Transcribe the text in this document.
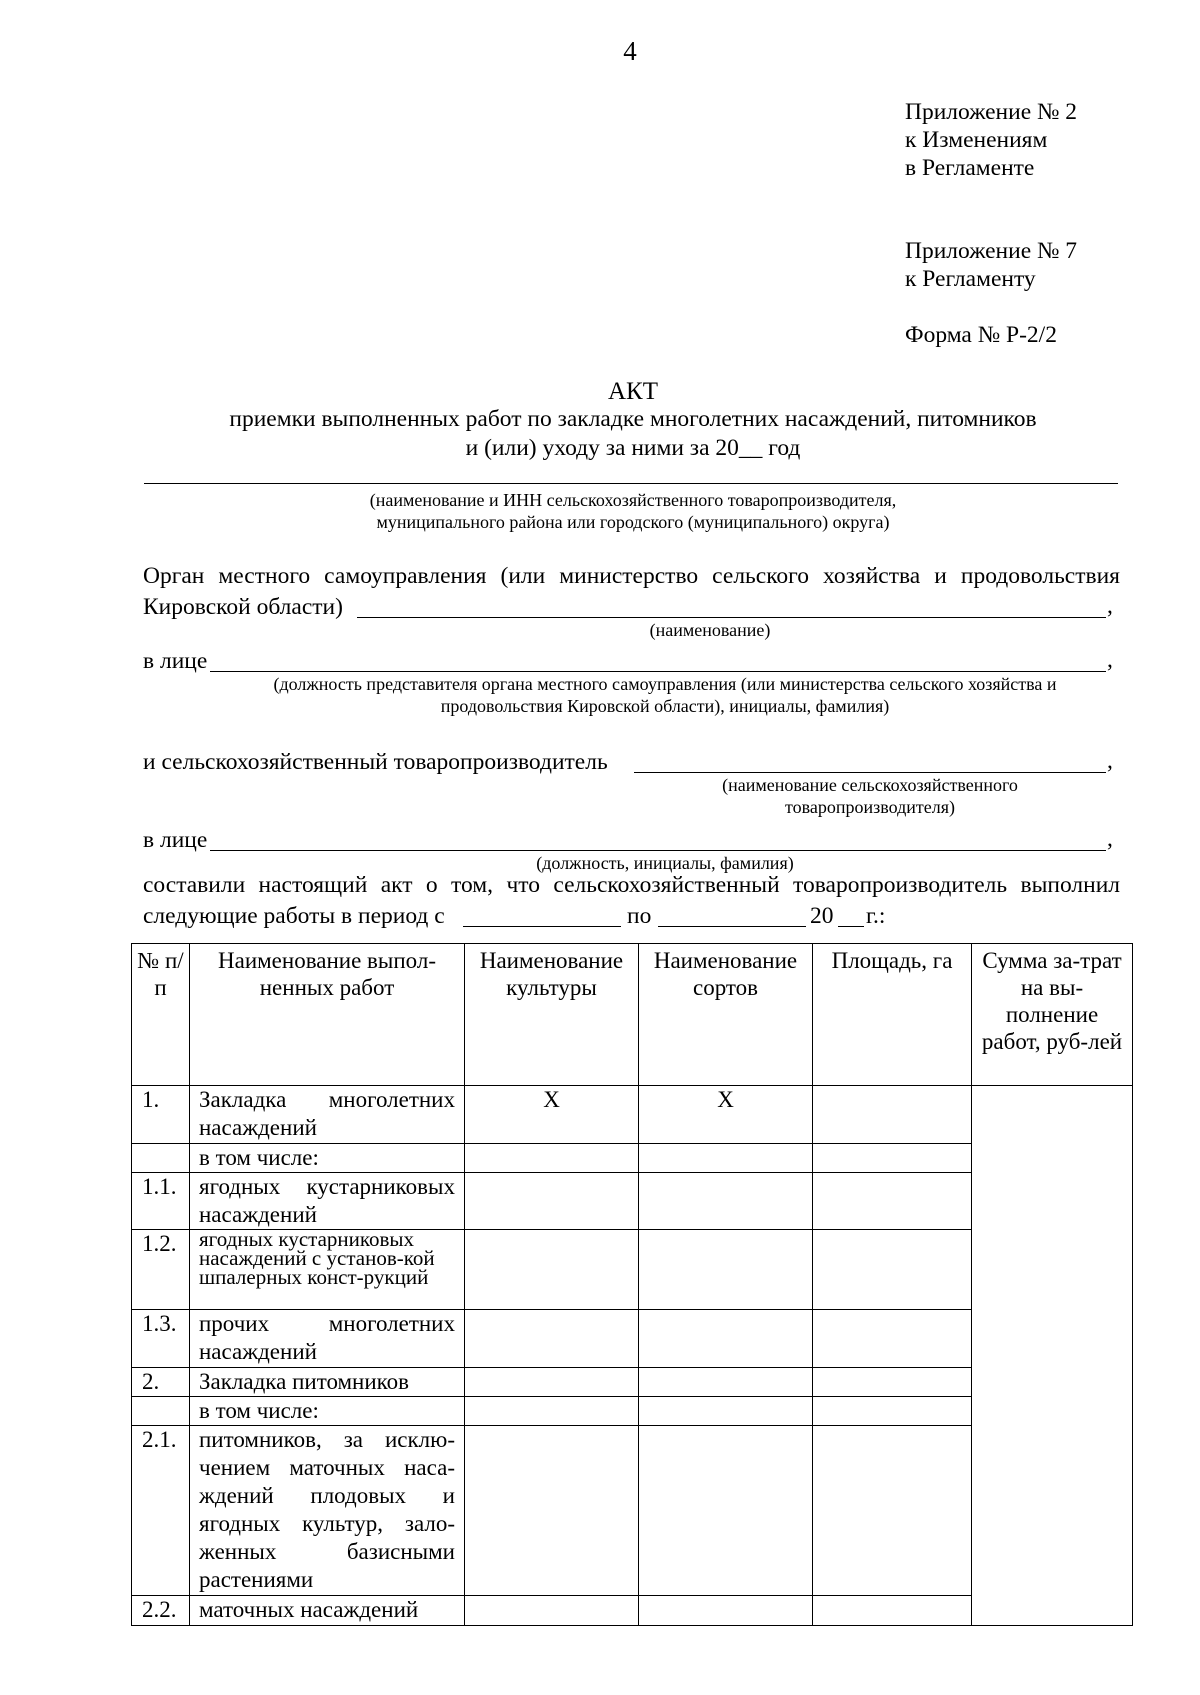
4
Приложение № 2
к Изменениям
в Регламенте
Приложение № 7
к Регламенту
Форма № Р-2/2
АКТ
приемки выполненных работ по закладке многолетних насаждений, питомников
и (или) уходу за ними за 20__ год
(наименование и ИНН сельскохозяйственного товаропроизводителя,
муниципального района или городского (муниципального) округа)
Орган местного самоуправления (или министерство сельского хозяйства и продовольствия
Кировской области)	,
(наименование)
в лице	,
(должность представителя органа местного самоуправления (или министерства сельского хозяйства и
продовольствия Кировской области), инициалы, фамилия)
и сельскохозяйственный товаропроизводитель	,
(наименование сельскохозяйственного
товаропроизводителя)
в лице	,
(должность, инициалы, фамилия)
составили настоящий акт о том, что сельскохозяйственный товаропроизводитель выполнил
следующие работы в период с	по	20 г.:
№ п/п	Наименование выпол-ненных работ	Наименование культуры	Наименование сортов	Площадь, га	Сумма за-трат на вы-полнение работ, руб-лей
1.	Закладка многолетних насаждений	X	X		
	в том числе:				
1.1.	ягодных кустарниковых насаждений				
1.2.	ягодных кустарниковых насаждений с установ-кой шпалерных конст-рукций				
1.3.	прочих многолетних насаждений				
2.	Закладка питомников				
	в том числе:				
2.1.	питомников, за исклю-чением маточных наса-ждений плодовых и ягодных культур, зало-женных базисными растениями				
2.2.	маточных насаждений				
